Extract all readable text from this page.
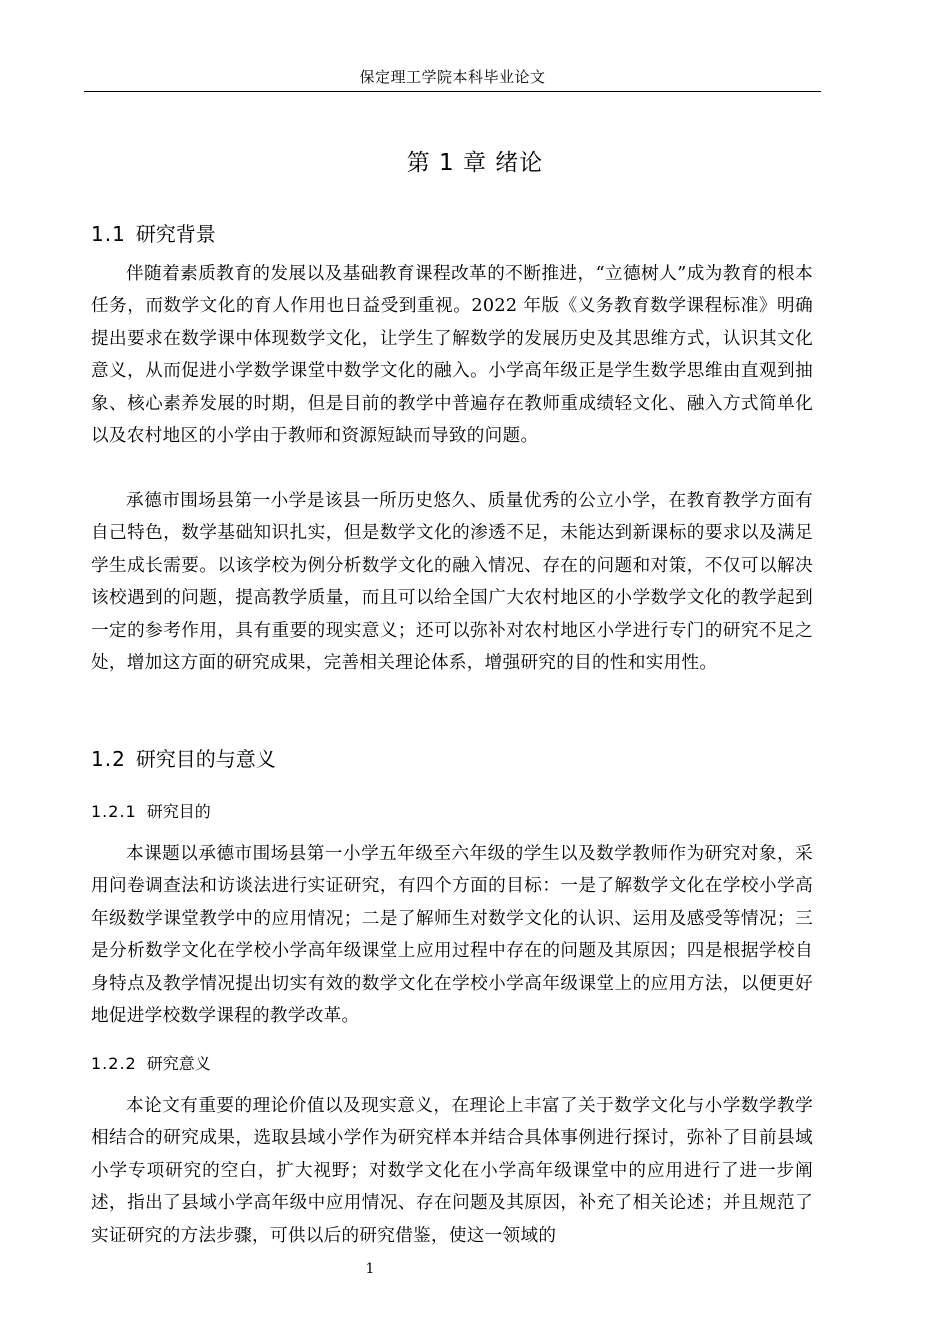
保定理工学院本科毕业论文
第 1 章 绪论
1.1 研究背景

伴随着素质教育的发展以及基础教育课程改革的不断推进，“立德树人”成为教育的根本任务，而数学文化的育人作用也日益受到重视。2022 年版《义务教育数学课程标准》明确提出要求在数学课中体现数学文化，让学生了解数学的发展历史及其思维方式，认识其文化意义，从而促进小学数学课堂中数学文化的融入。小学高年级正是学生数学思维由直观到抽象、核心素养发展的时期，但是目前的教学中普遍存在教师重成绩轻文化、融入方式简单化以及农村地区的小学由于教师和资源短缺而导致的问题。

承德市围场县第一小学是该县一所历史悠久、质量优秀的公立小学，在教育教学方面有自己特色，数学基础知识扎实，但是数学文化的渗透不足，未能达到新课标的要求以及满足学生成长需要。以该学校为例分析数学文化的融入情况、存在的问题和对策，不仅可以解决该校遇到的问题，提高教学质量，而且可以给全国广大农村地区的小学数学文化的教学起到一定的参考作用，具有重要的现实意义；还可以弥补对农村地区小学进行专门的研究不足之处，增加这方面的研究成果，完善相关理论体系，增强研究的目的性和实用性。

1.2 研究目的与意义
1.2.1 研究目的

本课题以承德市围场县第一小学五年级至六年级的学生以及数学教师作为研究对象，采用问卷调查法和访谈法进行实证研究，有四个方面的目标：一是了解数学文化在学校小学高年级数学课堂教学中的应用情况；二是了解师生对数学文化的认识、运用及感受等情况；三是分析数学文化在学校小学高年级课堂上应用过程中存在的问题及其原因；四是根据学校自身特点及教学情况提出切实有效的数学文化在学校小学高年级课堂上的应用方法，以便更好地促进学校数学课程的教学改革。

1.2.2 研究意义

本论文有重要的理论价值以及现实意义，在理论上丰富了关于数学文化与小学数学教学相结合的研究成果，选取县域小学作为研究样本并结合具体事例进行探讨，弥补了目前县域小学专项研究的空白，扩大视野；对数学文化在小学高年级课堂中的应用进行了进一步阐述，指出了县域小学高年级中应用情况、存在问题及其原因，补充了相关论述；并且规范了实证研究的方法步骤，可供以后的研究借鉴，使这一领域的

1
